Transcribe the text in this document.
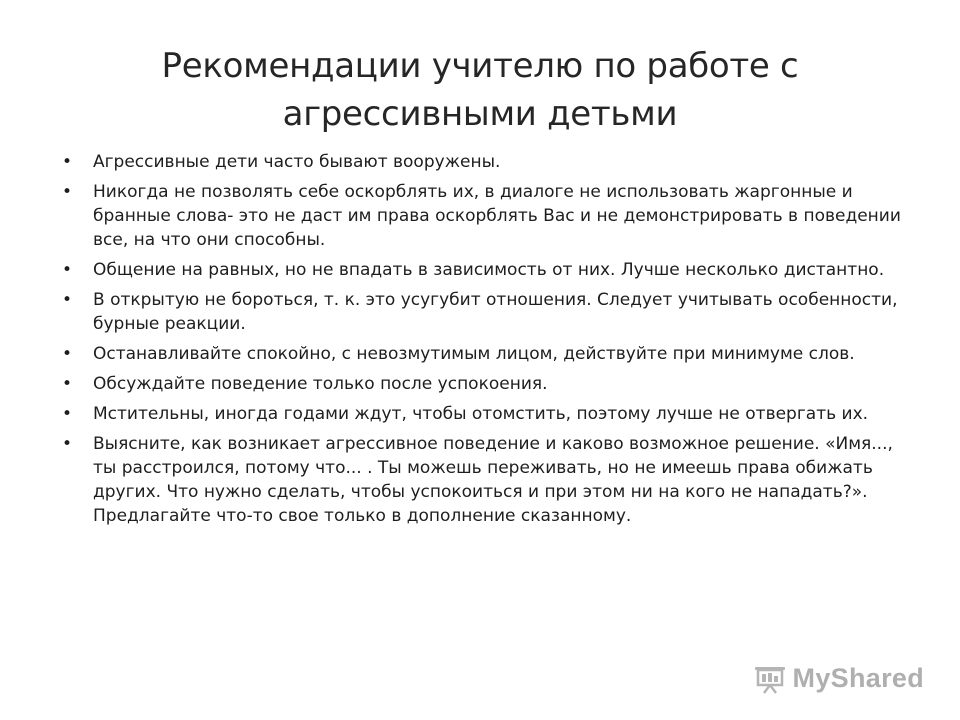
Рекомендации учителю по работе с агрессивными детьми
• Агрессивные дети часто бывают вооружены.
• Никогда не позволять себе оскорблять их, в диалоге не использовать жаргонные и бранные слова- это не даст им права оскорблять Вас и не демонстрировать в поведении все, на что они способны.
• Общение на равных, но не впадать в зависимость от них. Лучше несколько дистантно.
• В открытую не бороться, т. к. это усугубит отношения. Следует учитывать особенности, бурные реакции.
• Останавливайте спокойно, с невозмутимым лицом, действуйте при минимуме слов.
• Обсуждайте поведение только после успокоения.
• Мстительны, иногда годами ждут, чтобы отомстить, поэтому лучше не отвергать их.
• Выясните, как возникает агрессивное поведение и каково возможное решение. «Имя..., ты расстроился, потому что... . Ты можешь переживать, но не имеешь права обижать других. Что нужно сделать, чтобы успокоиться и при этом ни на кого не нападать?». Предлагайте что-то свое только в дополнение сказанному.
MyShared
